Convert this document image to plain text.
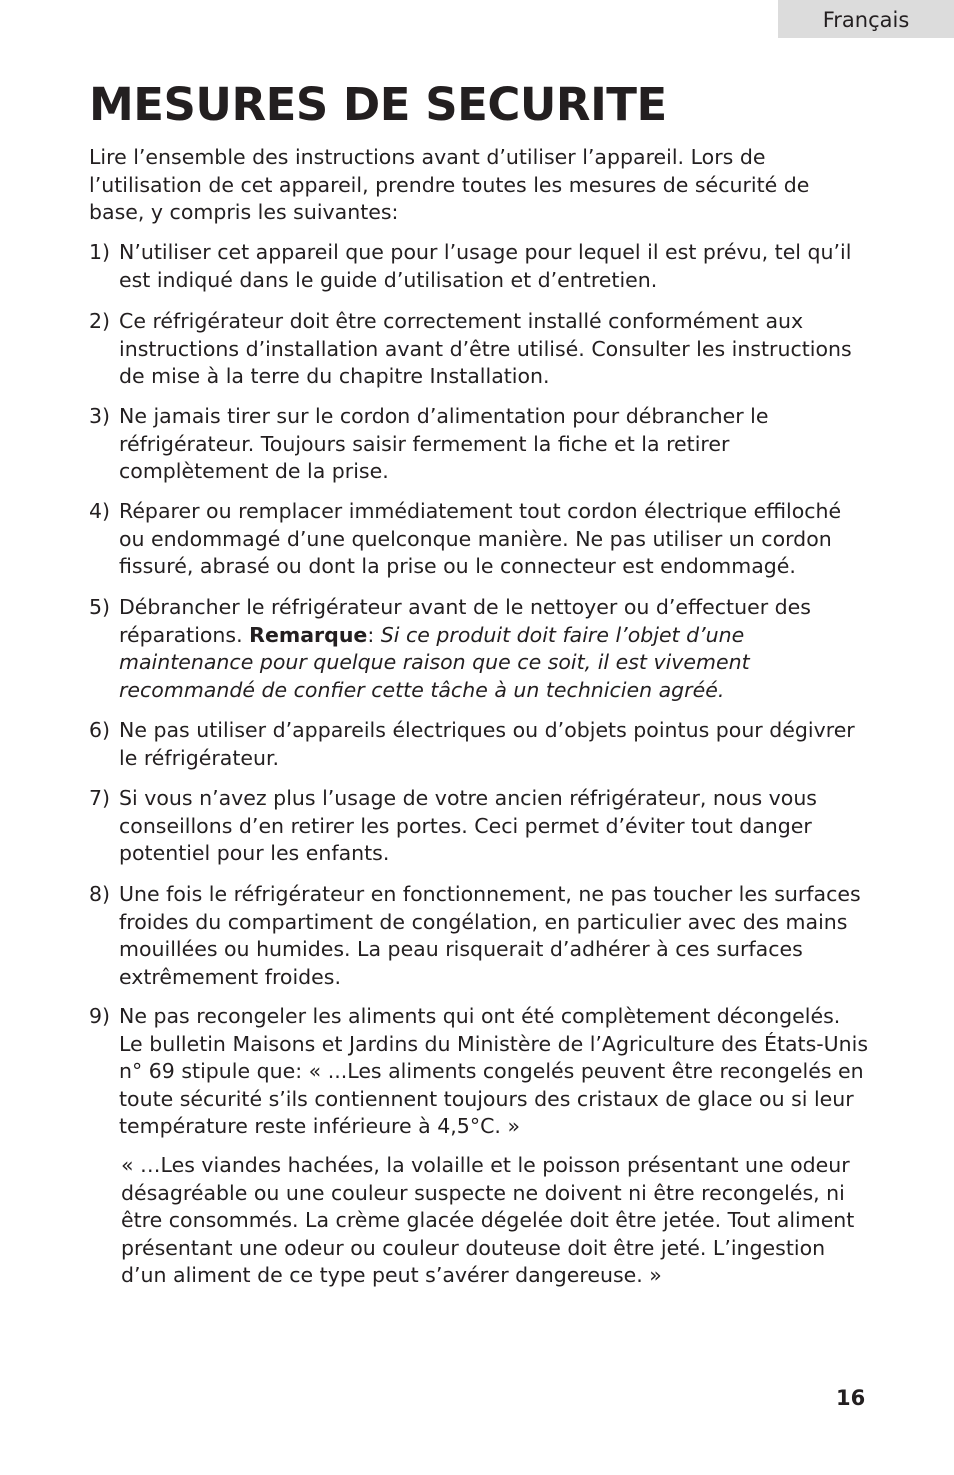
Français
MESURES DE SECURITE

Lire l’ensemble des instructions avant d’utiliser l’appareil. Lors de l’utilisation de cet appareil, prendre toutes les mesures de sécurité de base, y compris les suivantes:

1) N’utiliser cet appareil que pour l’usage pour lequel il est prévu, tel qu’il est indiqué dans le guide d’utilisation et d’entretien.
2) Ce réfrigérateur doit être correctement installé conformément aux instructions d’installation avant d’être utilisé. Consulter les instructions de mise à la terre du chapitre Installation.
3) Ne jamais tirer sur le cordon d’alimentation pour débrancher le réfrigérateur. Toujours saisir fermement la fiche et la retirer complètement de la prise.
4) Réparer ou remplacer immédiatement tout cordon électrique effiloché ou endommagé d’une quelconque manière. Ne pas utiliser un cordon fissuré, abrasé ou dont la prise ou le connecteur est endommagé.
5) Débrancher le réfrigérateur avant de le nettoyer ou d’effectuer des réparations. Remarque: Si ce produit doit faire l’objet d’une maintenance pour quelque raison que ce soit, il est vivement recommandé de confier cette tâche à un technicien agréé.
6) Ne pas utiliser d’appareils électriques ou d’objets pointus pour dégivrer le réfrigérateur.
7) Si vous n’avez plus l’usage de votre ancien réfrigérateur, nous vous conseillons d’en retirer les portes. Ceci permet d’éviter tout danger potentiel pour les enfants.
8) Une fois le réfrigérateur en fonctionnement, ne pas toucher les surfaces froides du compartiment de congélation, en particulier avec des mains mouillées ou humides. La peau risquerait d’adhérer à ces surfaces extrêmement froides.
9) Ne pas recongeler les aliments qui ont été complètement décongelés. Le bulletin Maisons et Jardins du Ministère de l’Agriculture des États-Unis n° 69 stipule que: « ...Les aliments congelés peuvent être recongelés en toute sécurité s’ils contiennent toujours des cristaux de glace ou si leur température reste inférieure à 4,5°C. »

« …Les viandes hachées, la volaille et le poisson présentant une odeur désagréable ou une couleur suspecte ne doivent ni être recongelés, ni être consommés. La crème glacée dégelée doit être jetée. Tout aliment présentant une odeur ou couleur douteuse doit être jeté. L’ingestion d’un aliment de ce type peut s’avérer dangereuse. »

16
